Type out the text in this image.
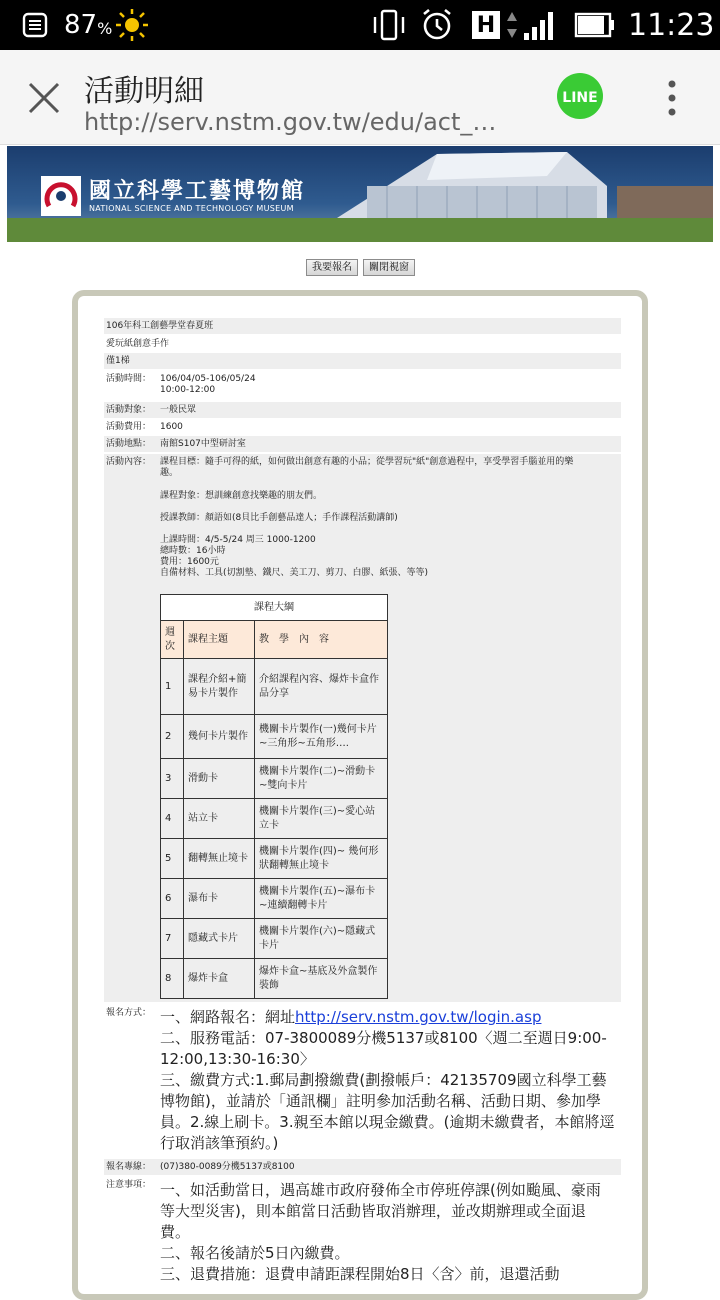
87 %	H	11:23
活動明細
http://serv.nstm.gov.tw/edu/act_…
LINE
國立科學工藝博物館
NATIONAL SCIENCE AND TECHNOLOGY MUSEUM
我要報名	關閉視窗
106年科工創藝學堂春夏班
愛玩紙創意手作
僅1梯
活動時間： 106/04/05-106/05/24
10:00-12:00
活動對象： 一般民眾
活動費用： 1600
活動地點： 南館S107中型研討室
活動內容： 課程目標：隨手可得的紙，如何做出創意有趣的小品；從學習玩"紙"創意過程中，享受學習手腦並用的樂
趣。
課程對象：想訓練創意找樂趣的朋友們。
授課教師：顏語如(8貝比手創藝品達人；手作課程活動講師)
上課時間：4/5-5/24 周三 1000-1200
總時數：16小時
費用：1600元
自備材料、工具(切割墊、鐵尺、美工刀、剪刀、白膠、紙張、等等)
課程大綱		
週次	課程主題	教　學　內　容
1	課程介紹+簡易卡片製作	介紹課程內容、爆炸卡盒作品分享
2	幾何卡片製作	機關卡片製作(一)幾何卡片~三角形~五角形….
3	滑動卡	機關卡片製作(二)~滑動卡~雙向卡片
4	站立卡	機關卡片製作(三)~愛心站立卡
5	翻轉無止境卡	機關卡片製作(四)~ 幾何形狀翻轉無止境卡
6	瀑布卡	機關卡片製作(五)~瀑布卡~連續翻轉卡片
7	隱藏式卡片	機關卡片製作(六)~隱藏式卡片
8	爆炸卡盒	爆炸卡盒~基底及外盒製作裝飾
報名方式： 一、網路報名：網址http://serv.nstm.gov.tw/login.asp
二、服務電話：07-3800089分機5137或8100〈週二至週日9:00-12:00,13:30-16:30〉
三、繳費方式:1.郵局劃撥繳費(劃撥帳戶：42135709國立科學工藝博物館)，並請於「通訊欄」註明參加活動名稱、活動日期、參加學員。2.線上刷卡。3.親至本館以現金繳費。(逾期未繳費者，本館將逕行取消該筆預約。)
報名專線： (07)380-0089分機5137或8100
注意事項： 一、如活動當日，遇高雄市政府發佈全市停班停課(例如颱風、豪雨等大型災害)，則本館當日活動皆取消辦理，並改期辦理或全面退費。
二、報名後請於5日內繳費。
三、退費措施：退費申請距課程開始8日〈含〉前，退還活動
